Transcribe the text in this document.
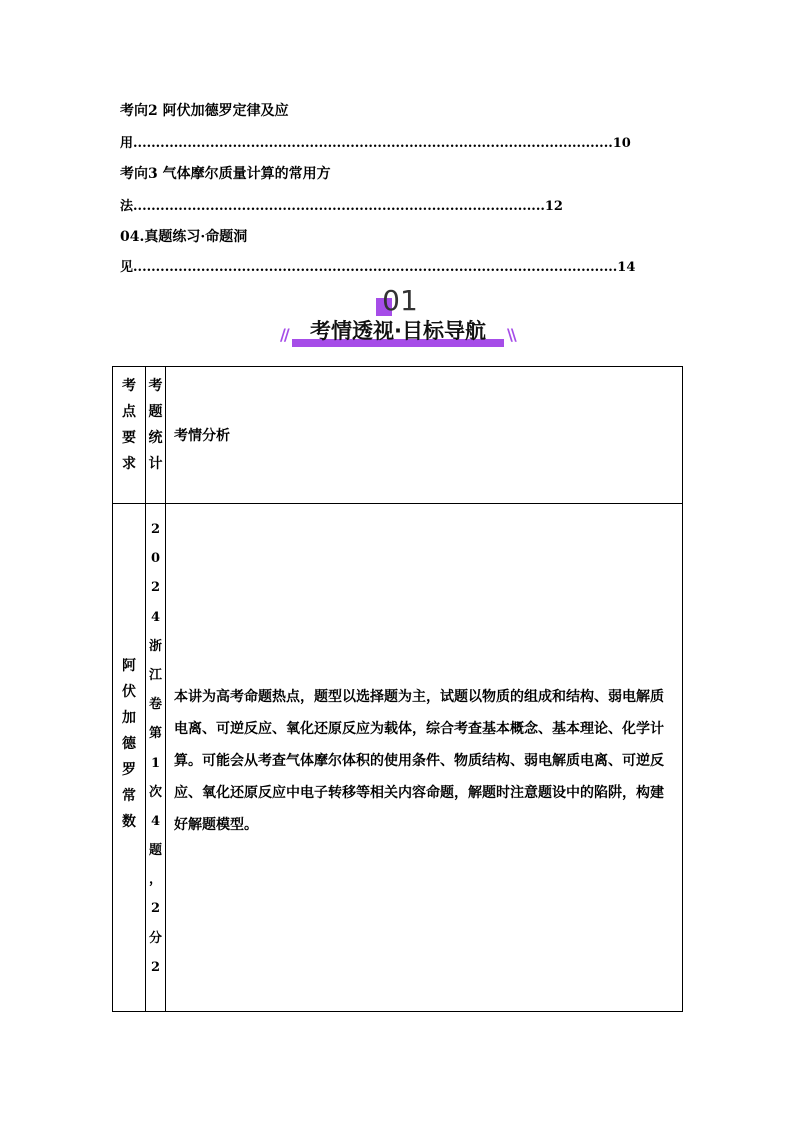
考向2 阿伏加德罗定律及应
用..........................................................................................................10
考向3 气体摩尔质量计算的常用方
法...........................................................................................12
04.真题练习·命题洞
见...........................................................................................................14
01
//	考情透视·目标导航	\\
考
点
要
求
考
题
统
计
考情分析
阿
伏
加
德
罗
常
数
2
0
2
4
浙
江
卷
第
1
次
4
题
，
2
分
2
本讲为高考命题热点，题型以选择题为主，试题以物质的组成和结构、弱电解质电离、可逆反应、氧化还原反应为载体，综合考查基本概念、基本理论、化学计算。可能会从考查气体摩尔体积的使用条件、物质结构、弱电解质电离、可逆反应、氧化还原反应中电子转移等相关内容命题，解题时注意题设中的陷阱，构建好解题模型。
